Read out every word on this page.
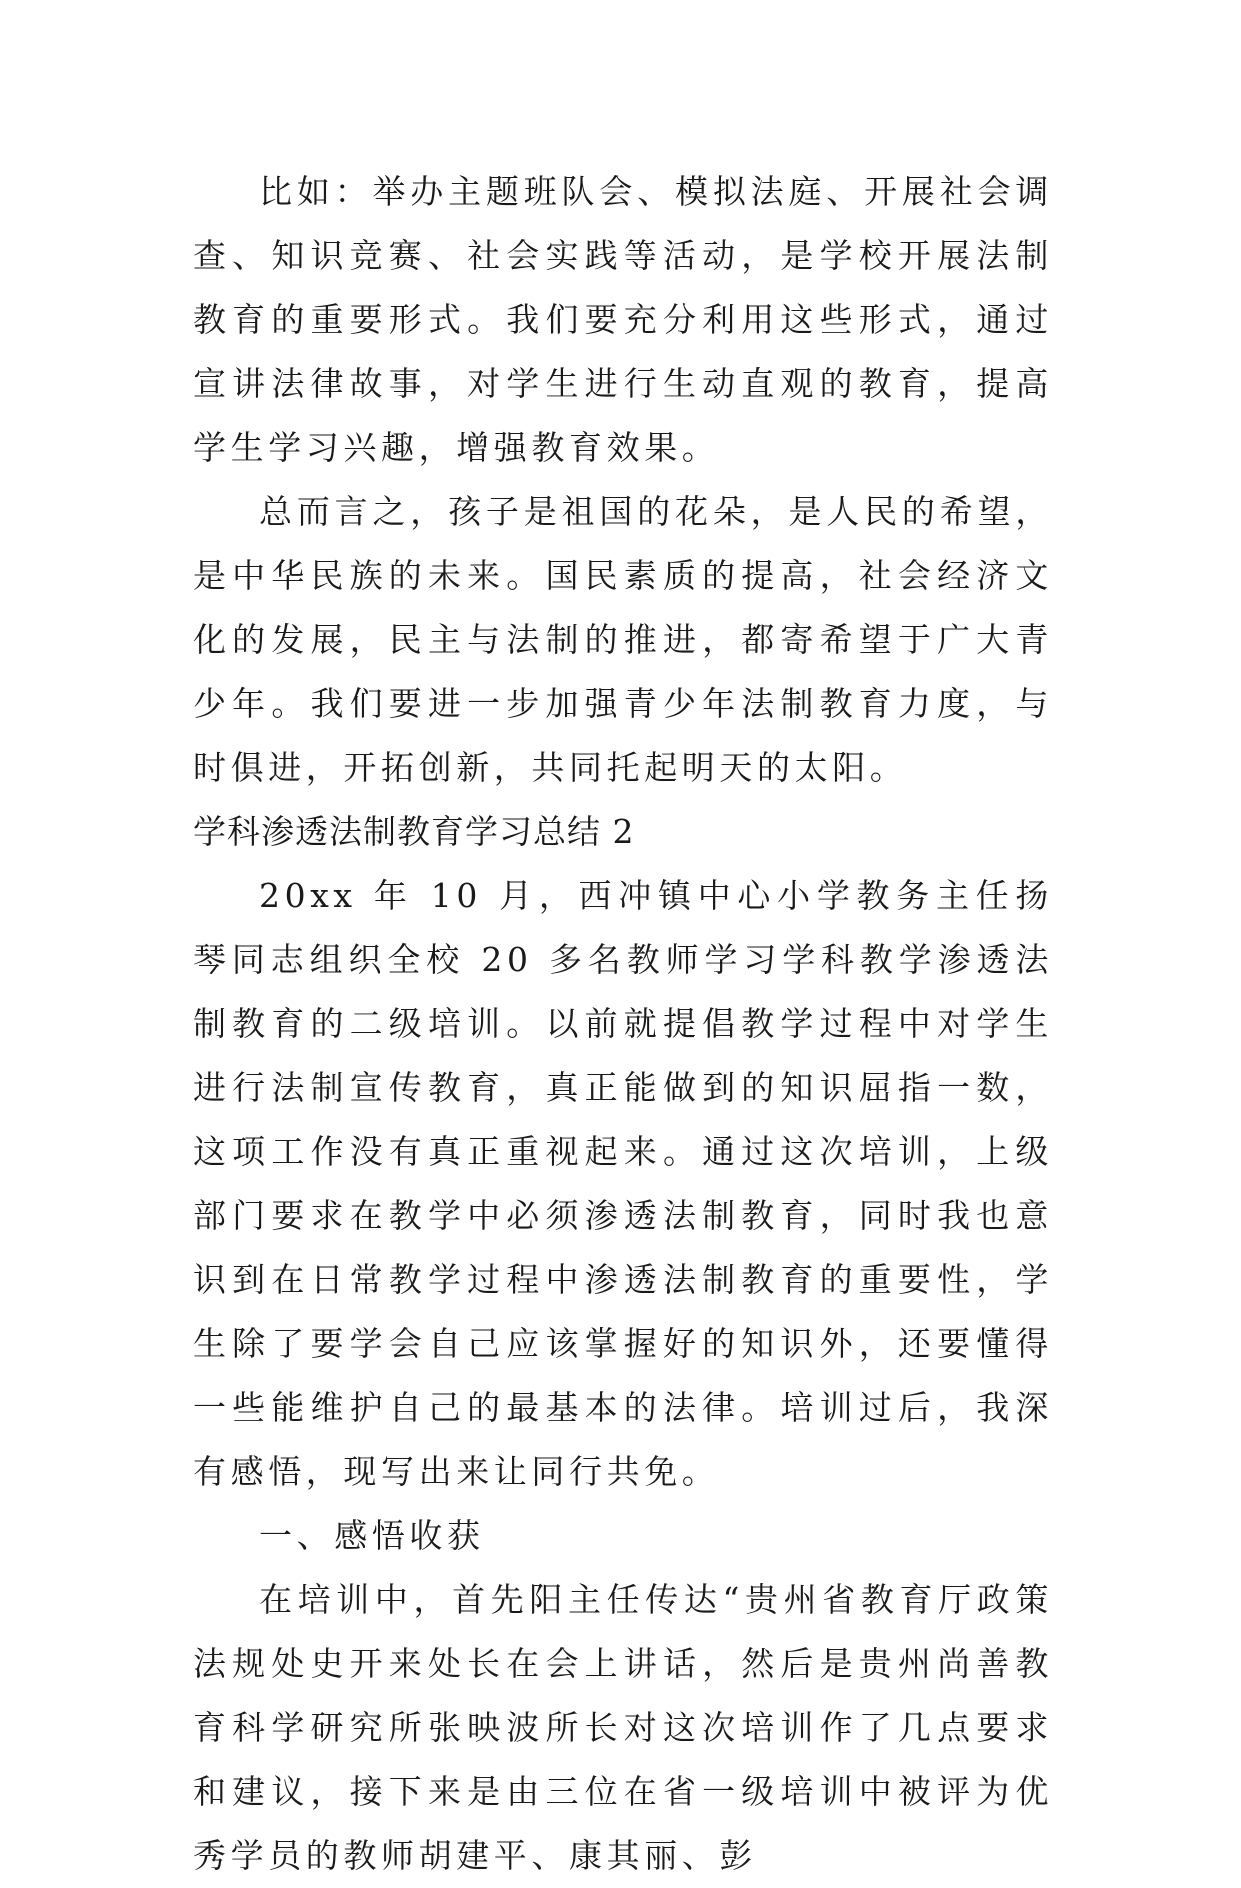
比如：举办主题班队会、模拟法庭、开展社会调查、知识竞赛、社会实践等活动，是学校开展法制教育的重要形式。我们要充分利用这些形式，通过宣讲法律故事，对学生进行生动直观的教育，提高学生学习兴趣，增强教育效果。

总而言之，孩子是祖国的花朵，是人民的希望，是中华民族的未来。国民素质的提高，社会经济文化的发展，民主与法制的推进，都寄希望于广大青少年。我们要进一步加强青少年法制教育力度，与时俱进，开拓创新，共同托起明天的太阳。

学科渗透法制教育学习总结 2

20xx 年 10 月，西冲镇中心小学教务主任扬琴同志组织全校 20 多名教师学习学科教学渗透法制教育的二级培训。以前就提倡教学过程中对学生进行法制宣传教育，真正能做到的知识屈指一数，这项工作没有真正重视起来。通过这次培训，上级部门要求在教学中必须渗透法制教育，同时我也意识到在日常教学过程中渗透法制教育的重要性，学生除了要学会自己应该掌握好的知识外，还要懂得一些能维护自己的最基本的法律。培训过后，我深有感悟，现写出来让同行共免。

一、感悟收获

在培训中，首先阳主任传达“贵州省教育厅政策法规处史开来处长在会上讲话，然后是贵州尚善教育科学研究所张映波所长对这次培训作了几点要求和建议，接下来是由三位在省一级培训中被评为优秀学员的教师胡建平、康其丽、彭
